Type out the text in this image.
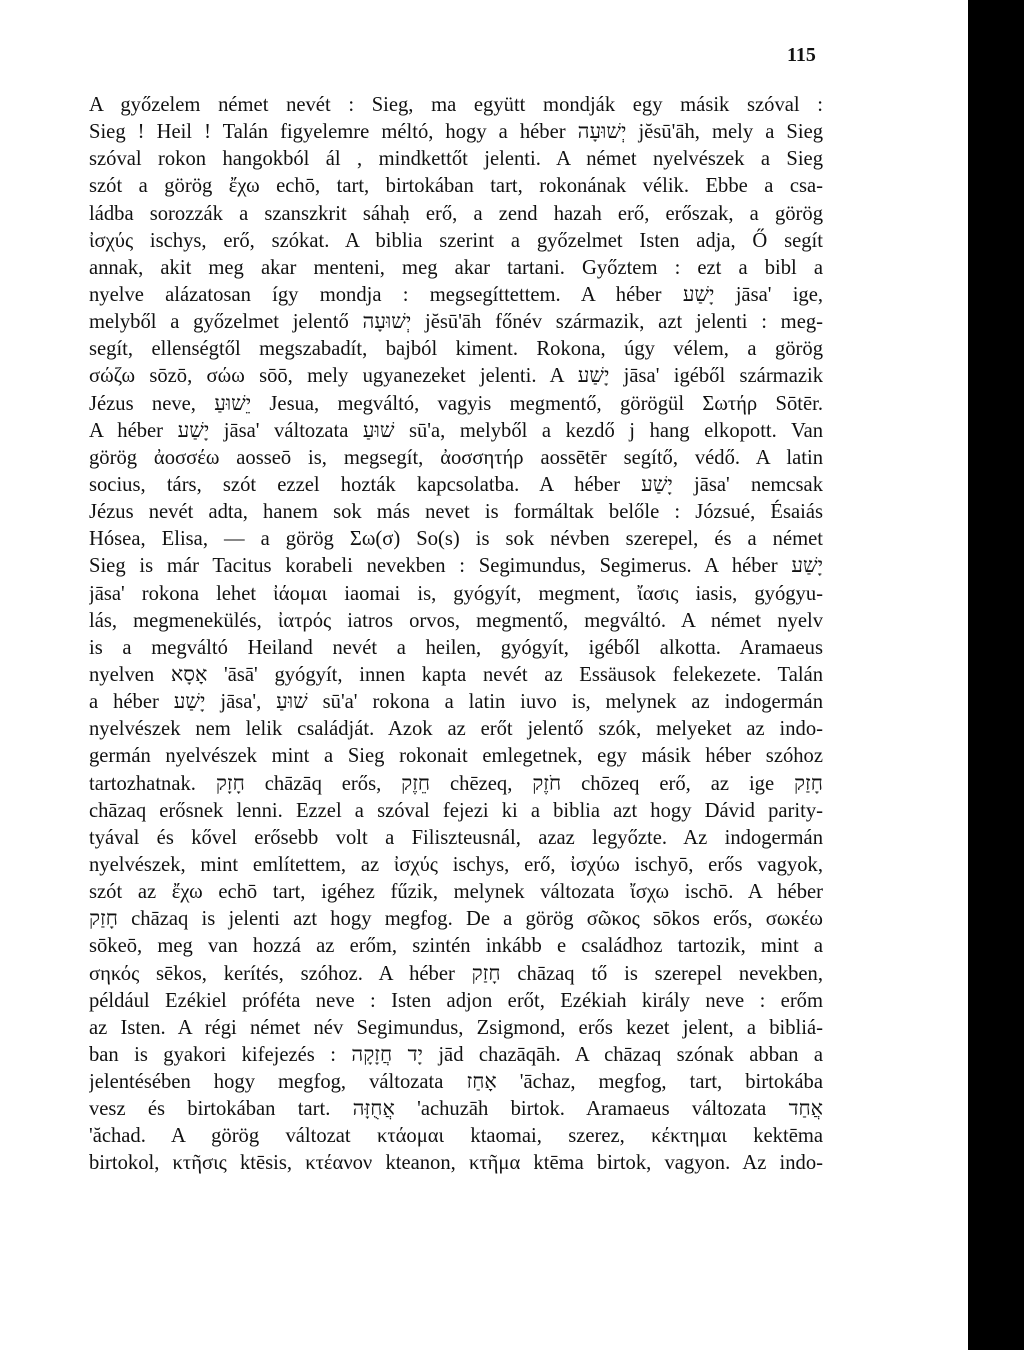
115
A győzelem német nevét : Sieg, ma együtt mondják egy másik szóval :
Sieg ! Heil ! Talán figyelemre méltó, hogy a héber יְשׁוּעָה jĕsū'āh, mely a Sieg
szóval rokon hangokból ál , mindkettőt jelenti. A német nyelvészek a Sieg
szót a görög ἔχω echō, tart, birtokában tart, rokonának vélik. Ebbe a csa-
ládba sorozzák a szanszkrit sáhaḥ erő, a zend hazah erő, erőszak, a görög
ἰσχύς ischys, erő, szókat. A biblia szerint a győzelmet Isten adja, Ő segít
annak, akit meg akar menteni, meg akar tartani. Győztem : ezt a bibl a
nyelve alázatosan így mondja : megsegíttettem. A héber יָשַׁע jāsa' ige,
melyből a győzelmet jelentő יְשׁוּעָה jĕsū'āh főnév származik, azt jelenti : meg-
segít, ellenségtől megszabadít, bajból kiment. Rokona, úgy vélem, a görög
σώζω sōzō, σώω sōō, mely ugyanezeket jelenti. A יָשַׁע jāsa' igéből származik
Jézus neve, יֵשׁוּעַ Jesua, megváltó, vagyis megmentő, görögül Σωτήρ Sōtēr.
A héber יָשַׁע jāsa' változata שׁוּעַ sū'a, melyből a kezdő j hang elkopott. Van
görög ἀοσσέω aosseō is, megsegít, ἀοσσητήρ aossētēr segítő, védő. A latin
socius, társ, szót ezzel hozták kapcsolatba. A héber יָשַׁע jāsa' nemcsak
Jézus nevét adta, hanem sok más nevet is formáltak belőle : Józsué, Ésaiás
Hósea, Elisa, — a görög Σω(σ) So(s) is sok névben szerepel, és a német
Sieg is már Tacitus korabeli nevekben : Segimundus, Segimerus. A héber יָשַׁע
jāsa' rokona lehet ἰάομαι iaomai is, gyógyít, megment, ἴασις iasis, gyógyu-
lás, megmenekülés, ἰατρός iatros orvos, megmentő, megváltó. A német nyelv
is a megváltó Heiland nevét a heilen, gyógyít, igéből alkotta. Aramaeus
nyelven אָסָא 'āsā' gyógyít, innen kapta nevét az Essäusok felekezete. Talán
a héber יָשַׁע jāsa', שׁוּעַ sū'a' rokona a latin iuvo is, melynek az indogermán
nyelvészek nem lelik családját. Azok az erőt jelentő szók, melyeket az indo-
germán nyelvészek mint a Sieg rokonait emlegetnek, egy másik héber szóhoz
tartozhatnak. חָזָק chāzāq erős, חֵזֶק chēzeq, חֹזֶק chōzeq erő, az ige חָזַק
chāzaq erősnek lenni. Ezzel a szóval fejezi ki a biblia azt hogy Dávid parity-
tyával és kővel erősebb volt a Filiszteusnál, azaz legyőzte. Az indogermán
nyelvészek, mint említettem, az ἰσχύς ischys, erő, ἰσχύω ischyō, erős vagyok,
szót az ἔχω echō tart, igéhez fűzik, melynek változata ἴσχω ischō. A héber
חָזַק chāzaq is jelenti azt hogy megfog. De a görög σῶκος sōkos erős, σωκέω
sōkeō, meg van hozzá az erőm, szintén inkább e családhoz tartozik, mint a
σηκός sēkos, kerítés, szóhoz. A héber חָזַק chāzaq tő is szerepel nevekben,
például Ezékiel próféta neve : Isten adjon erőt, Ezékiah király neve : erőm
az Isten. A régi német név Segimundus, Zsigmond, erős kezet jelent, a bibliá-
ban is gyakori kifejezés : יָד חֲזָקָה jād chazāqāh. A chāzaq szónak abban a
jelentésében hogy megfog, változata אָחַז 'āchaz, megfog, tart, birtokába
vesz és birtokában tart. אֲחֻזָּה 'achuzāh birtok. Aramaeus változata אֲחַד
'ăchad. A görög változat κτάομαι ktaomai, szerez, κέκτημαι kektēma
birtokol, κτῆσις ktēsis, κτέανον kteanon, κτῆμα ktēma birtok, vagyon. Az indo-
